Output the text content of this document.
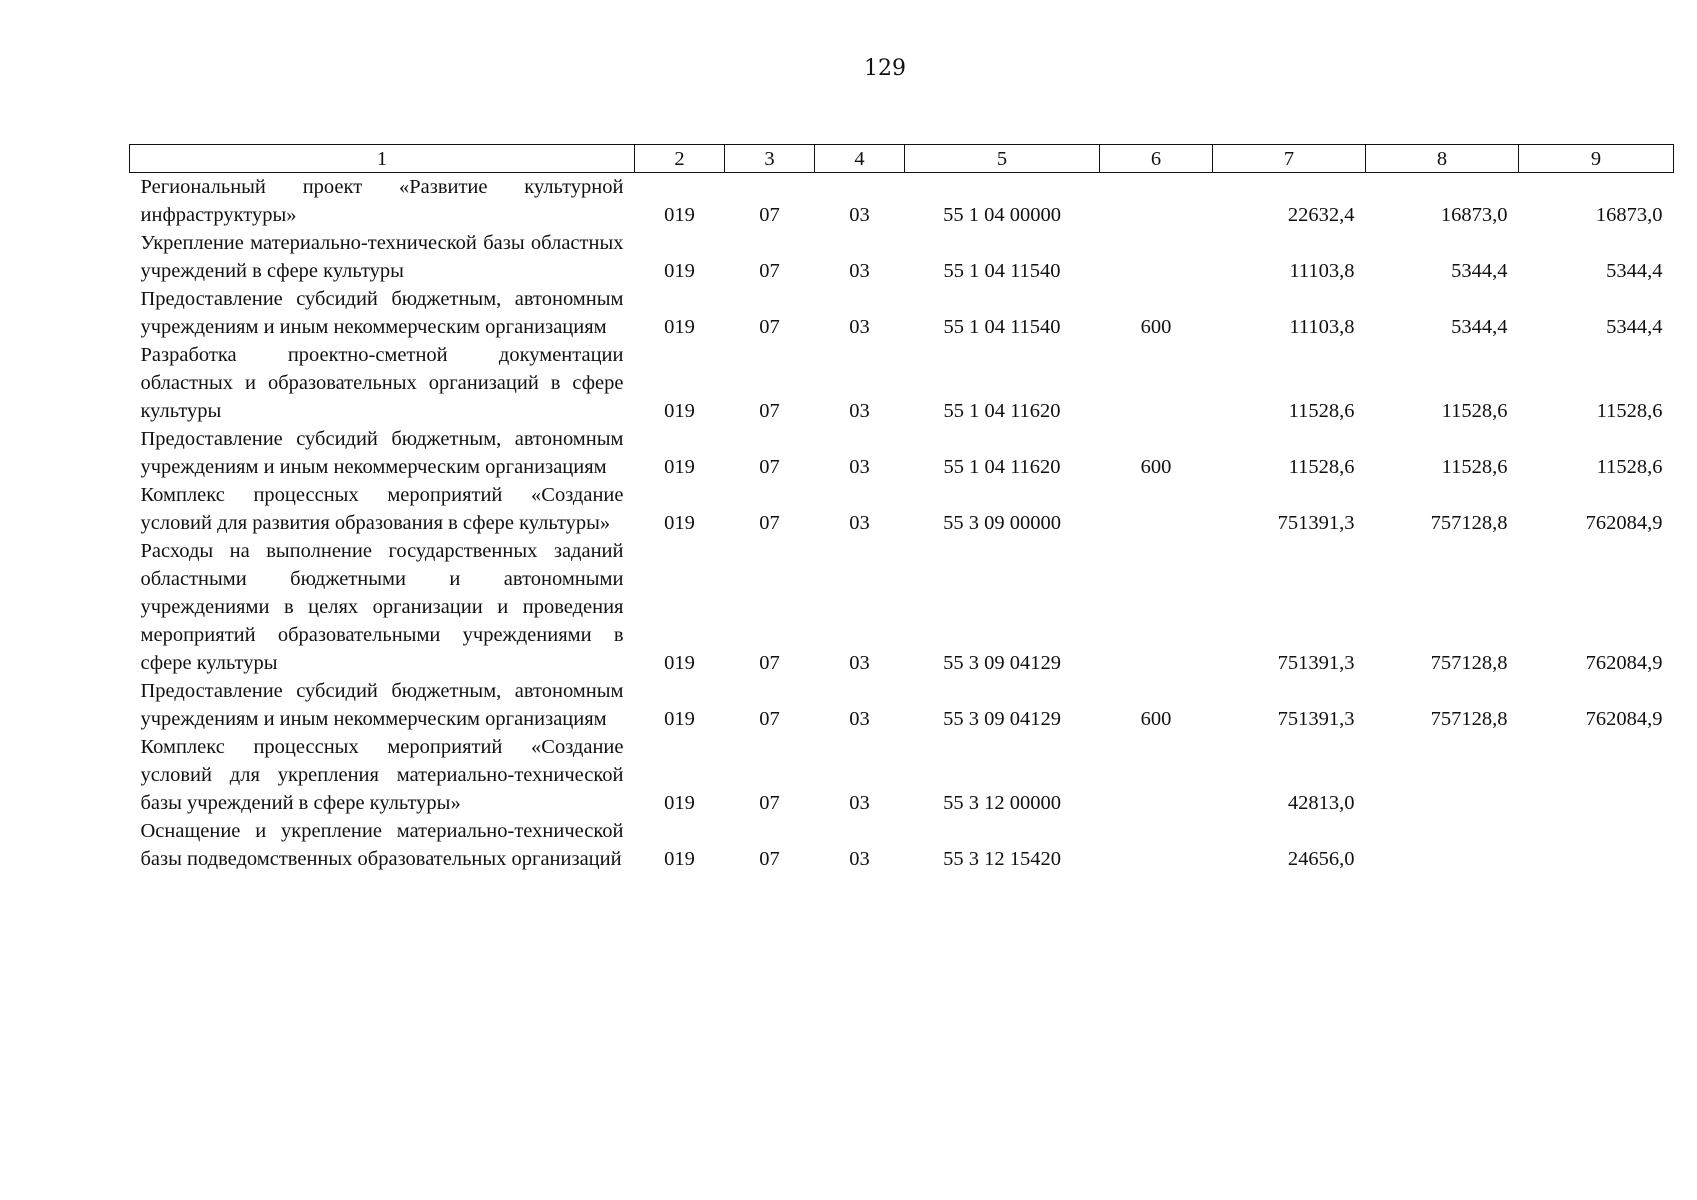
129
1	2	3	4	5	6	7	8	9
Региональный проект «Развитие культурной инфраструктуры»	019	07	03	55 1 04 00000		22632,4	16873,0	16873,0
Укрепление материально-технической базы областных учреждений в сфере культуры	019	07	03	55 1 04 11540		11103,8	5344,4	5344,4
Предоставление субсидий бюджетным, автономным учреждениям и иным некоммерческим организациям	019	07	03	55 1 04 11540	600	11103,8	5344,4	5344,4
Разработка проектно-сметной документации областных и образовательных организаций в сфере культуры	019	07	03	55 1 04 11620		11528,6	11528,6	11528,6
Предоставление субсидий бюджетным, автономным учреждениям и иным некоммерческим организациям	019	07	03	55 1 04 11620	600	11528,6	11528,6	11528,6
Комплекс процессных мероприятий «Создание условий для развития образования в сфере культуры»	019	07	03	55 3 09 00000		751391,3	757128,8	762084,9
Расходы на выполнение государственных заданий областными бюджетными и автономными учреждениями в целях организации и проведения мероприятий образовательными учреждениями в сфере культуры	019	07	03	55 3 09 04129		751391,3	757128,8	762084,9
Предоставление субсидий бюджетным, автономным учреждениям и иным некоммерческим организациям	019	07	03	55 3 09 04129	600	751391,3	757128,8	762084,9
Комплекс процессных мероприятий «Создание условий для укрепления материально-технической базы учреждений в сфере культуры»	019	07	03	55 3 12 00000		42813,0		
Оснащение и укрепление материально-технической базы подведомственных образовательных организаций	019	07	03	55 3 12 15420		24656,0		
